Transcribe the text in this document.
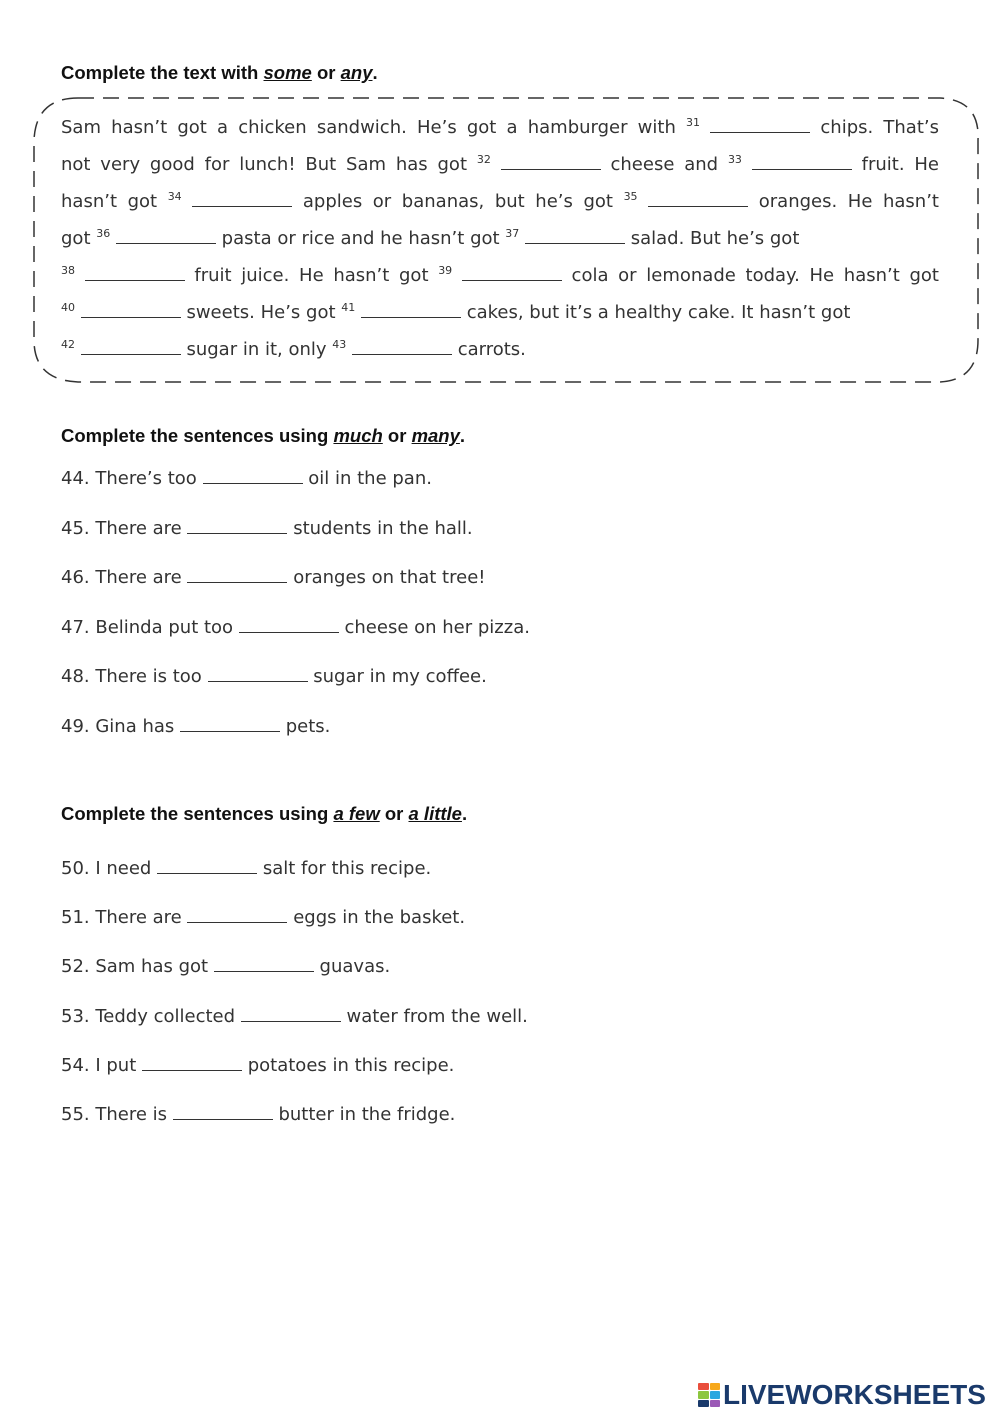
Complete the text with some or any.
Sam hasn’t got a chicken sandwich. He’s got a hamburger with $^{31}$	chips. That’s
not very good for lunch! But Sam has got $^{32}$	cheese and $^{33}$	fruit. He
hasn’t got $^{34}$	apples or bananas, but he’s got $^{35}$	oranges. He hasn’t
got $^{36}$	pasta or rice and he hasn’t got $^{37}$	salad. But he’s got
$^{38}$	fruit juice. He hasn’t got $^{39}$	cola or lemonade today. He hasn’t got
$^{40}$	sweets. He’s got $^{41}$	cakes, but it’s a healthy cake. It hasn’t got
$^{42}$	sugar in it, only $^{43}$	carrots.
Complete the sentences using much or many.
44. There’s too	oil in the pan.
45. There are	students in the hall.
46. There are	oranges on that tree!
47. Belinda put too	cheese on her pizza.
48. There is too	sugar in my coffee.
49. Gina has	pets.
Complete the sentences using a few or a little.
50. I need	salt for this recipe.
51. There are	eggs in the basket.
52. Sam has got	guavas.
53. Teddy collected	water from the well.
54. I put	potatoes in this recipe.
55. There is	butter in the fridge.
LIVEWORKSHEETS
